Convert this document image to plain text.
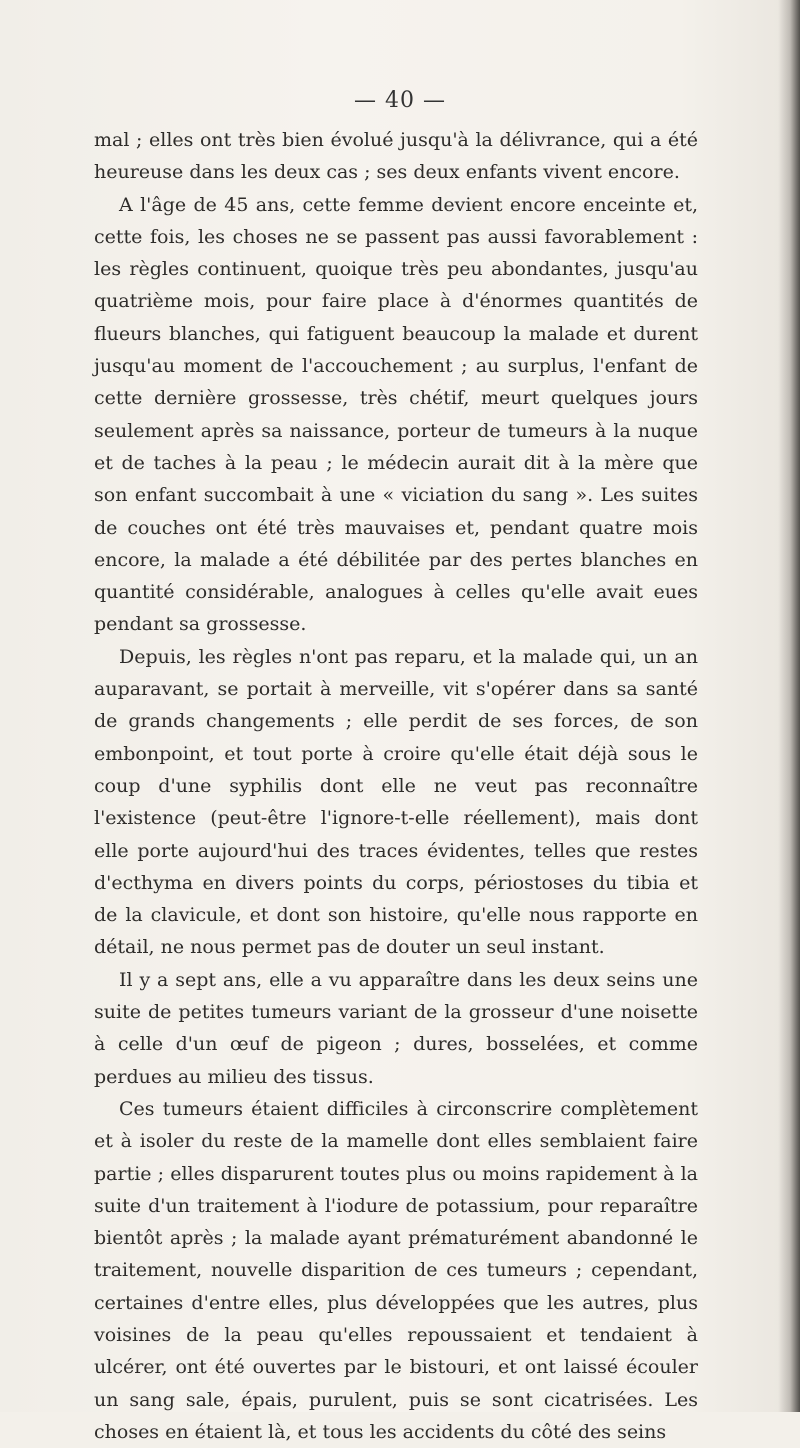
— 40 —

mal ; elles ont très bien évolué jusqu'à la délivrance, qui a été heureuse dans les deux cas ; ses deux enfants vivent encore.

A l'âge de 45 ans, cette femme devient encore enceinte et, cette fois, les choses ne se passent pas aussi favorablement : les règles continuent, quoique très peu abondantes, jusqu'au quatrième mois, pour faire place à d'énormes quantités de flueurs blanches, qui fatiguent beaucoup la malade et durent jusqu'au moment de l'accouchement ; au surplus, l'enfant de cette dernière grossesse, très chétif, meurt quelques jours seulement après sa naissance, porteur de tumeurs à la nuque et de taches à la peau ; le médecin aurait dit à la mère que son enfant succombait à une « viciation du sang ». Les suites de couches ont été très mauvaises et, pendant quatre mois encore, la malade a été débilitée par des pertes blanches en quantité considérable, analogues à celles qu'elle avait eues pendant sa grossesse.

Depuis, les règles n'ont pas reparu, et la malade qui, un an auparavant, se portait à merveille, vit s'opérer dans sa santé de grands changements ; elle perdit de ses forces, de son embonpoint, et tout porte à croire qu'elle était déjà sous le coup d'une syphilis dont elle ne veut pas reconnaître l'existence (peut-être l'ignore-t-elle réellement), mais dont elle porte aujourd'hui des traces évidentes, telles que restes d'ecthyma en divers points du corps, périostoses du tibia et de la clavicule, et dont son histoire, qu'elle nous rapporte en détail, ne nous permet pas de douter un seul instant.

Il y a sept ans, elle a vu apparaître dans les deux seins une suite de petites tumeurs variant de la grosseur d'une noisette à celle d'un œuf de pigeon ; dures, bosselées, et comme perdues au milieu des tissus.

Ces tumeurs étaient difficiles à circonscrire complètement et à isoler du reste de la mamelle dont elles semblaient faire partie ; elles disparurent toutes plus ou moins rapidement à la suite d'un traitement à l'iodure de potassium, pour reparaître bientôt après ; la malade ayant prématurément abandonné le traitement, nouvelle disparition de ces tumeurs ; cependant, certaines d'entre elles, plus développées que les autres, plus voisines de la peau qu'elles repoussaient et tendaient à ulcérer, ont été ouvertes par le bistouri, et ont laissé écouler un sang sale, épais, purulent, puis se sont cicatrisées. Les choses en étaient là, et tous les accidents du côté des seins
